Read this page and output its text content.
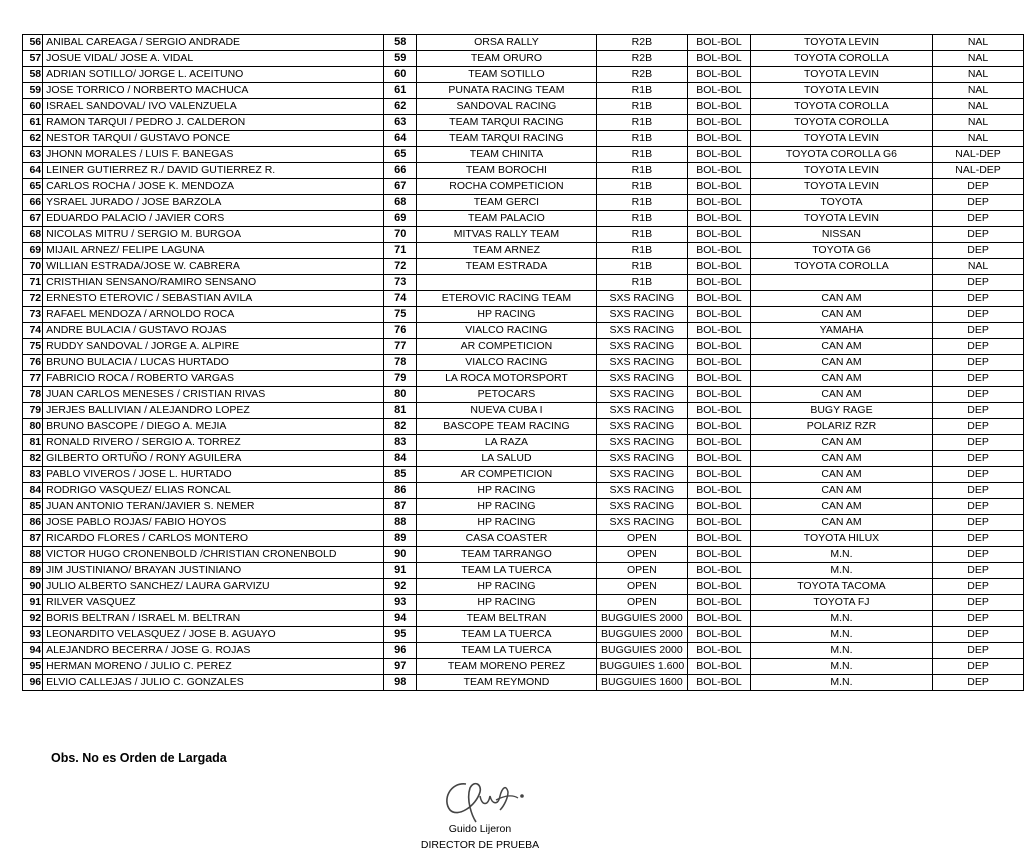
56	ANIBAL CAREAGA / SERGIO ANDRADE	58	ORSA RALLY	R2B	BOL-BOL	TOYOTA LEVIN	NAL
57	JOSUE VIDAL/ JOSE A. VIDAL	59	TEAM ORURO	R2B	BOL-BOL	TOYOTA COROLLA	NAL
58	ADRIAN SOTILLO/ JORGE L. ACEITUNO	60	TEAM SOTILLO	R2B	BOL-BOL	TOYOTA LEVIN	NAL
59	JOSE TORRICO / NORBERTO MACHUCA	61	PUNATA RACING TEAM	R1B	BOL-BOL	TOYOTA LEVIN	NAL
60	ISRAEL SANDOVAL/ IVO VALENZUELA	62	SANDOVAL RACING	R1B	BOL-BOL	TOYOTA COROLLA	NAL
61	RAMON TARQUI / PEDRO J. CALDERON	63	TEAM TARQUI RACING	R1B	BOL-BOL	TOYOTA COROLLA	NAL
62	NESTOR TARQUI / GUSTAVO PONCE	64	TEAM TARQUI RACING	R1B	BOL-BOL	TOYOTA LEVIN	NAL
63	JHONN MORALES / LUIS F. BANEGAS	65	TEAM CHINITA	R1B	BOL-BOL	TOYOTA COROLLA G6	NAL-DEP
64	LEINER GUTIERREZ R./ DAVID GUTIERREZ R.	66	TEAM BOROCHI	R1B	BOL-BOL	TOYOTA LEVIN	NAL-DEP
65	CARLOS ROCHA / JOSE K. MENDOZA	67	ROCHA COMPETICION	R1B	BOL-BOL	TOYOTA LEVIN	DEP
66	YSRAEL JURADO / JOSE BARZOLA	68	TEAM GERCI	R1B	BOL-BOL	TOYOTA	DEP
67	EDUARDO PALACIO / JAVIER CORS	69	TEAM PALACIO	R1B	BOL-BOL	TOYOTA LEVIN	DEP
68	NICOLAS MITRU / SERGIO M. BURGOA	70	MITVAS RALLY TEAM	R1B	BOL-BOL	NISSAN	DEP
69	MIJAIL ARNEZ/ FELIPE LAGUNA	71	TEAM ARNEZ	R1B	BOL-BOL	TOYOTA G6	DEP
70	WILLIAN ESTRADA/JOSE W. CABRERA	72	TEAM ESTRADA	R1B	BOL-BOL	TOYOTA COROLLA	NAL
71	CRISTHIAN SENSANO/RAMIRO SENSANO	73		R1B	BOL-BOL		DEP
72	ERNESTO ETEROVIC / SEBASTIAN AVILA	74	ETEROVIC RACING TEAM	SXS RACING	BOL-BOL	CAN AM	DEP
73	RAFAEL MENDOZA / ARNOLDO ROCA	75	HP RACING	SXS RACING	BOL-BOL	CAN AM	DEP
74	ANDRE BULACIA / GUSTAVO ROJAS	76	VIALCO RACING	SXS RACING	BOL-BOL	YAMAHA	DEP
75	RUDDY SANDOVAL / JORGE A. ALPIRE	77	AR COMPETICION	SXS RACING	BOL-BOL	CAN AM	DEP
76	BRUNO BULACIA / LUCAS HURTADO	78	VIALCO RACING	SXS RACING	BOL-BOL	CAN AM	DEP
77	FABRICIO ROCA / ROBERTO VARGAS	79	LA ROCA MOTORSPORT	SXS RACING	BOL-BOL	CAN AM	DEP
78	JUAN CARLOS MENESES / CRISTIAN RIVAS	80	PETOCARS	SXS RACING	BOL-BOL	CAN AM	DEP
79	JERJES BALLIVIAN / ALEJANDRO LOPEZ	81	NUEVA CUBA I	SXS RACING	BOL-BOL	BUGY RAGE	DEP
80	BRUNO BASCOPE / DIEGO A. MEJIA	82	BASCOPE TEAM RACING	SXS RACING	BOL-BOL	POLARIZ RZR	DEP
81	RONALD RIVERO / SERGIO A. TORREZ	83	LA RAZA	SXS RACING	BOL-BOL	CAN AM	DEP
82	GILBERTO ORTUÑO / RONY AGUILERA	84	LA SALUD	SXS RACING	BOL-BOL	CAN AM	DEP
83	PABLO VIVEROS / JOSE L. HURTADO	85	AR COMPETICION	SXS RACING	BOL-BOL	CAN AM	DEP
84	RODRIGO VASQUEZ/ ELIAS RONCAL	86	HP RACING	SXS RACING	BOL-BOL	CAN AM	DEP
85	JUAN ANTONIO TERAN/JAVIER S. NEMER	87	HP RACING	SXS RACING	BOL-BOL	CAN AM	DEP
86	JOSE PABLO ROJAS/ FABIO HOYOS	88	HP RACING	SXS RACING	BOL-BOL	CAN AM	DEP
87	RICARDO FLORES / CARLOS MONTERO	89	CASA COASTER	OPEN	BOL-BOL	TOYOTA HILUX	DEP
88	VICTOR HUGO CRONENBOLD /CHRISTIAN CRONENBOLD	90	TEAM TARRANGO	OPEN	BOL-BOL	M.N.	DEP
89	JIM JUSTINIANO/ BRAYAN JUSTINIANO	91	TEAM LA TUERCA	OPEN	BOL-BOL	M.N.	DEP
90	JULIO ALBERTO SANCHEZ/ LAURA GARVIZU	92	HP RACING	OPEN	BOL-BOL	TOYOTA TACOMA	DEP
91	RILVER VASQUEZ	93	HP RACING	OPEN	BOL-BOL	TOYOTA FJ	DEP
92	BORIS BELTRAN / ISRAEL M. BELTRAN	94	TEAM BELTRAN	BUGGUIES 2000	BOL-BOL	M.N.	DEP
93	LEONARDITO VELASQUEZ / JOSE B. AGUAYO	95	TEAM LA TUERCA	BUGGUIES 2000	BOL-BOL	M.N.	DEP
94	ALEJANDRO BECERRA / JOSE G. ROJAS	96	TEAM LA TUERCA	BUGGUIES 2000	BOL-BOL	M.N.	DEP
95	HERMAN MORENO / JULIO C. PEREZ	97	TEAM MORENO PEREZ	BUGGUIES 1.600	BOL-BOL	M.N.	DEP
96	ELVIO CALLEJAS / JULIO C. GONZALES	98	TEAM REYMOND	BUGGUIES 1600	BOL-BOL	M.N.	DEP
Obs. No es Orden de Largada
Guido Lijeron
DIRECTOR DE PRUEBA
